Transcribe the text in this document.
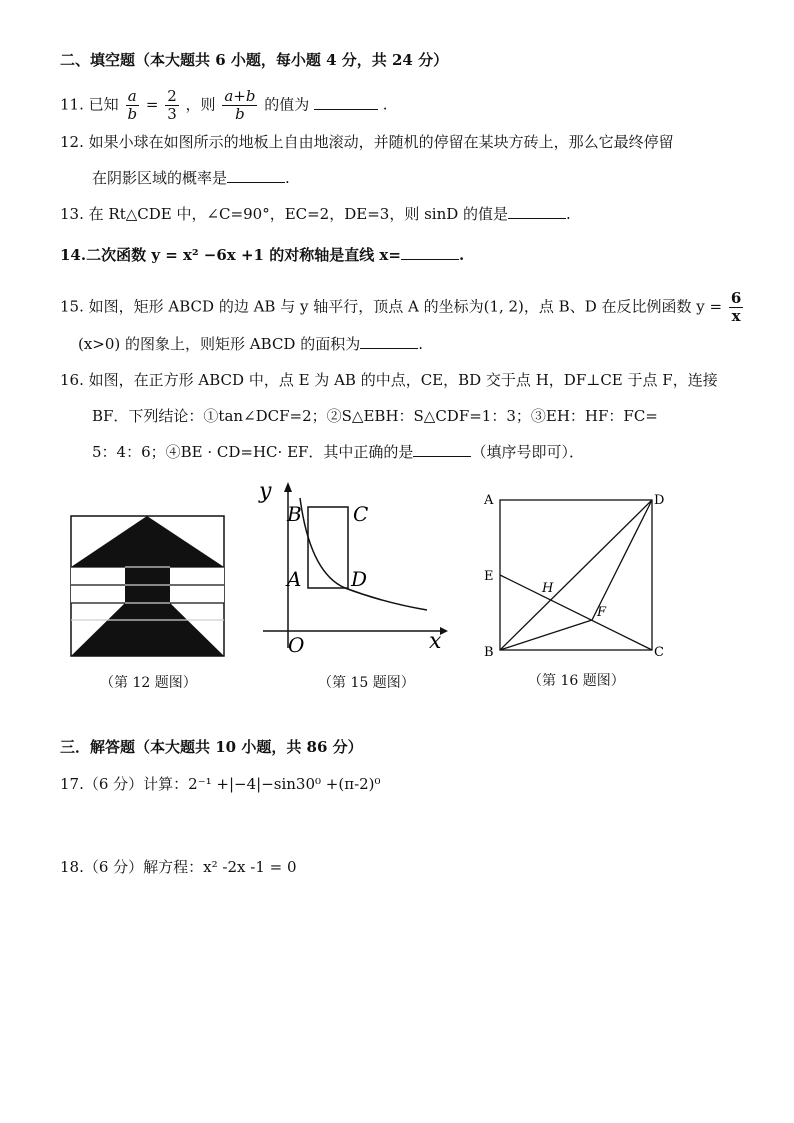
二、填空题（本大题共 6 小题，每小题 4 分，共 24 分）
11. 已知 $\frac{a}{b} = \frac{2}{3}$ ，则 $\frac{a+b}{b}$ 的值为	.
12. 如果小球在如图所示的地板上自由地滚动，并随机的停留在某块方砖上，那么它最终停留
在阴影区域的概率是	.
13. 在 Rt△CDE 中，∠C=90°，EC=2，DE=3，则 sinD 的值是	.
14.二次函数 y = x² −6x +1 的对称轴是直线 x=	.
15. 如图，矩形 ABCD 的边 AB 与 y 轴平行，顶点 A 的坐标为(1, 2)，点 B、D 在反比例函数 $y = \frac{6}{x}$
(x>0) 的图象上，则矩形 ABCD 的面积为	.
16. 如图，在正方形 ABCD 中，点 E 为 AB 的中点，CE，BD 交于点 H，DF⊥CE 于点 F，连接
BF．下列结论：①tan∠DCF=2；②S△EBH：S△CDF=1：3；③EH：HF：FC=
5：4：6；④BE · CD=HC· EF．其中正确的是	（填序号即可）．
（第 12 题图）
y
x
O
A
B	C
D
（第 15 题图）
A	D
B	C
E
H
F
（第 16 题图）
三．解答题（本大题共 10 小题，共 86 分）
17.（6 分）计算：2⁻¹ +|−4|−sin30⁰ +(π-2)⁰
18.（6 分）解方程：x² -2x -1 = 0
